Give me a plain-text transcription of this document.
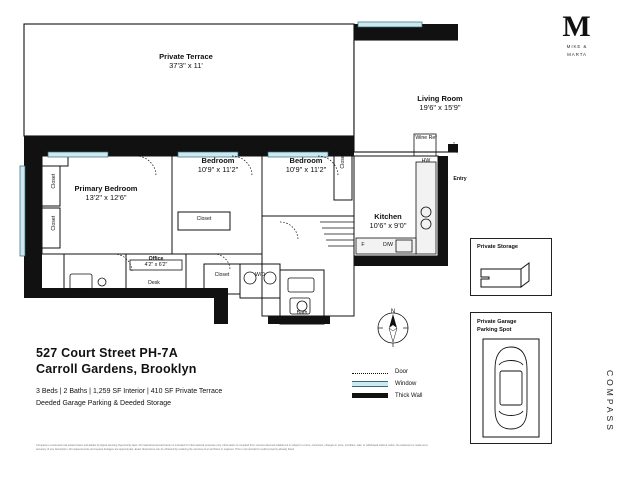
M
MIKE &
MARTA
COMPASS
Private Terrace
37'3" x 11'
Living Room
19'6" x 15'9"
Bedroom
10'9" x 11'2"
Bedroom
10'9" x 11'2"
Primary Bedroom
13'2" x 12'6"
Kitchen
10'6" x 9'0"
Office
4'2" x 6'2"
Entry
CL
Closet
Closet	Closet
Closet
Closet
Bath
Bath
W/D
Desk
Wine Ref
HW
F	D/W
N
527 Court Street PH-7A
Carroll Gardens, Brooklyn
3 Beds | 2 Baths | 1,259 SF Interior | 410 SF Private Terrace
Deeded Garage Parking & Deeded Storage
Door
Window
Thick Wall
Private Storage
Private Garage
Parking Spot
Compass is a licensed real estate broker and abides by Equal Housing Opportunity laws. All material presented herein is intended for informational purposes only. Information is compiled from sources deemed reliable but is subject to errors, omissions, changes in price, condition, sale, or withdrawal without notice. No statement is made as to accuracy of any description. All measurements and square footages are approximate. Exact dimensions can be obtained by retaining the services of an architect or engineer. This is not intended to solicit property already listed.
